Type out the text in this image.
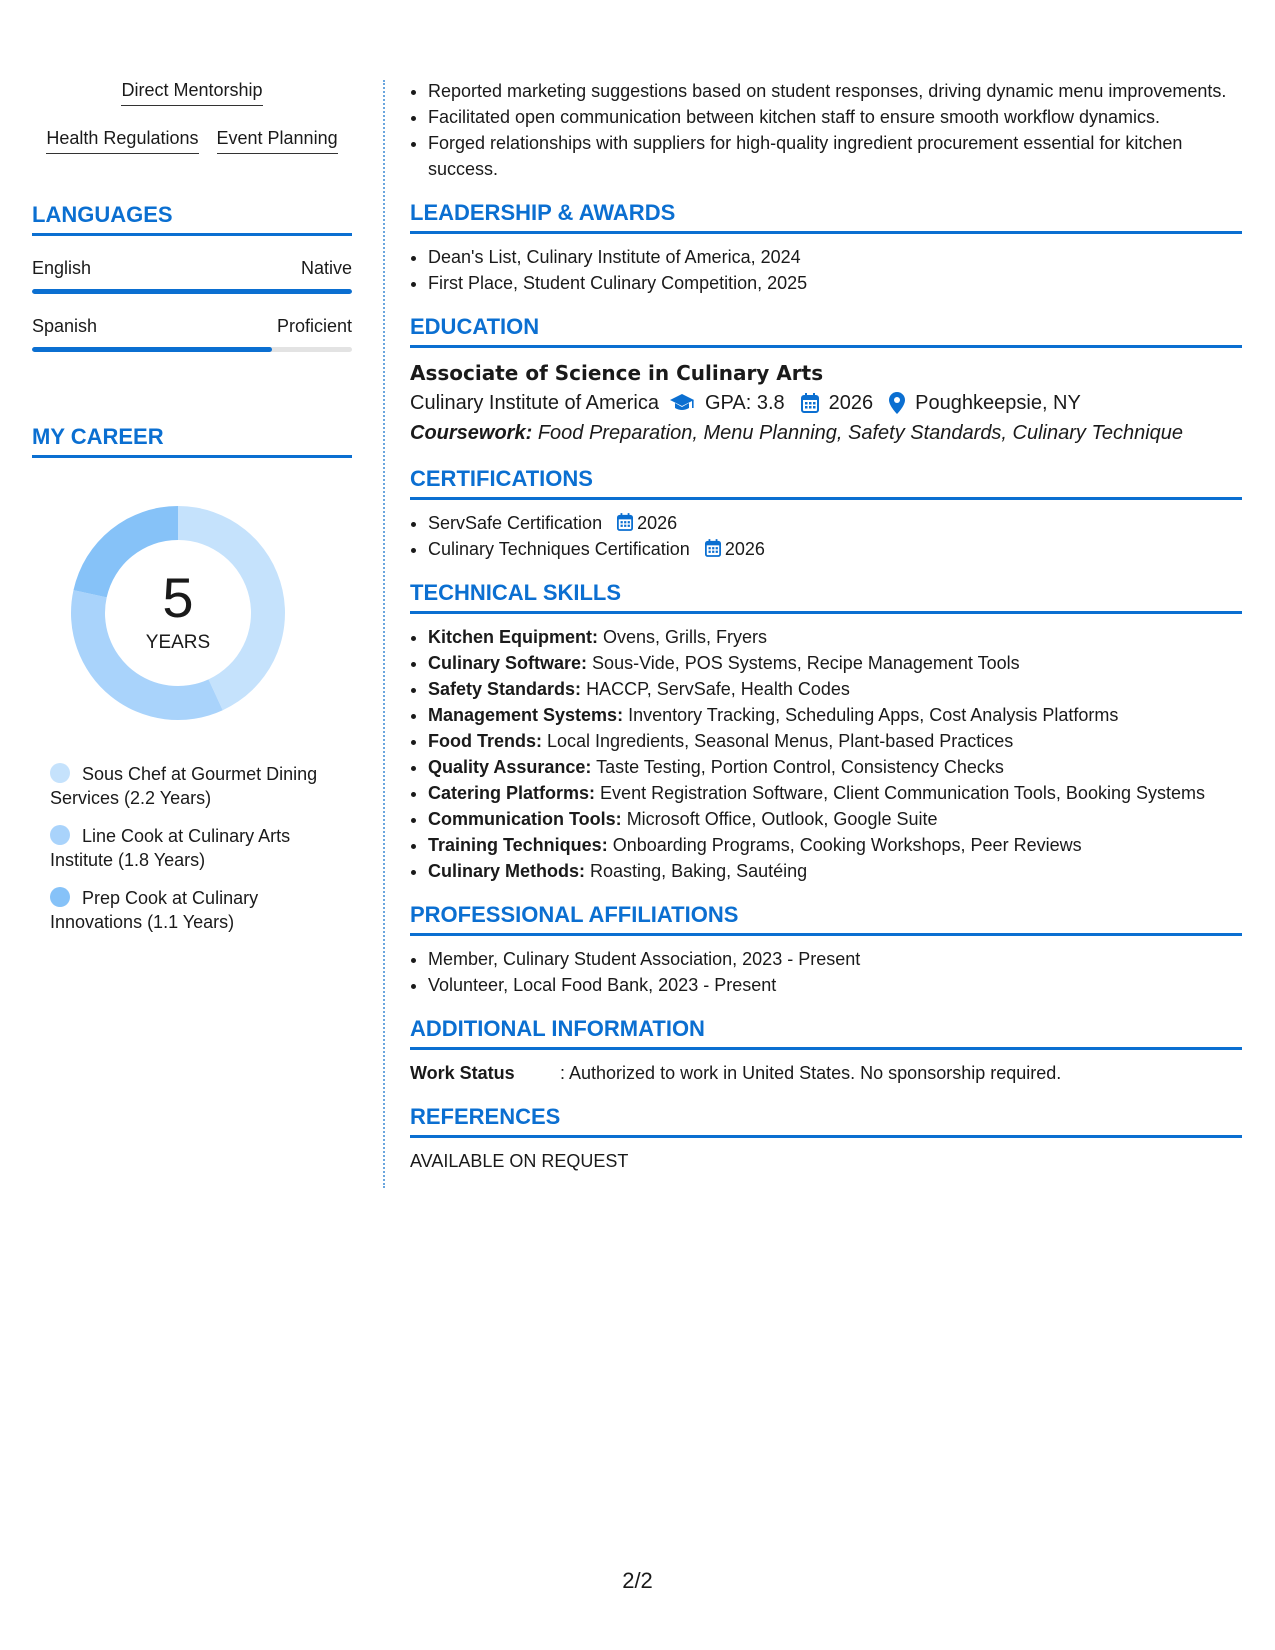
Direct Mentorship
Health Regulations Event Planning
LANGUAGES
English	Native
Spanish	Proficient
MY CAREER
5
YEARS
Sous Chef at Gourmet Dining Services (2.2 Years)
Line Cook at Culinary Arts Institute (1.8 Years)
Prep Cook at Culinary Innovations (1.1 Years)
• Reported marketing suggestions based on student responses, driving dynamic menu improvements.
• Facilitated open communication between kitchen staff to ensure smooth workflow dynamics.
• Forged relationships with suppliers for high-quality ingredient procurement essential for kitchen success.
LEADERSHIP & AWARDS
• Dean's List, Culinary Institute of America, 2024
• First Place, Student Culinary Competition, 2025
EDUCATION
Associate of Science in Culinary Arts
Culinary Institute of America GPA: 3.8 2026 Poughkeepsie, NY
Coursework: Food Preparation, Menu Planning, Safety Standards, Culinary Technique
CERTIFICATIONS
• ServSafe Certification 2026
• Culinary Techniques Certification 2026
TECHNICAL SKILLS
• Kitchen Equipment: Ovens, Grills, Fryers
• Culinary Software: Sous-Vide, POS Systems, Recipe Management Tools
• Safety Standards: HACCP, ServSafe, Health Codes
• Management Systems: Inventory Tracking, Scheduling Apps, Cost Analysis Platforms
• Food Trends: Local Ingredients, Seasonal Menus, Plant-based Practices
• Quality Assurance: Taste Testing, Portion Control, Consistency Checks
• Catering Platforms: Event Registration Software, Client Communication Tools, Booking Systems
• Communication Tools: Microsoft Office, Outlook, Google Suite
• Training Techniques: Onboarding Programs, Cooking Workshops, Peer Reviews
• Culinary Methods: Roasting, Baking, Sautéing
PROFESSIONAL AFFILIATIONS
• Member, Culinary Student Association, 2023 - Present
• Volunteer, Local Food Bank, 2023 - Present
ADDITIONAL INFORMATION
Work Status	: Authorized to work in United States. No sponsorship required.
REFERENCES
AVAILABLE ON REQUEST
2/2
